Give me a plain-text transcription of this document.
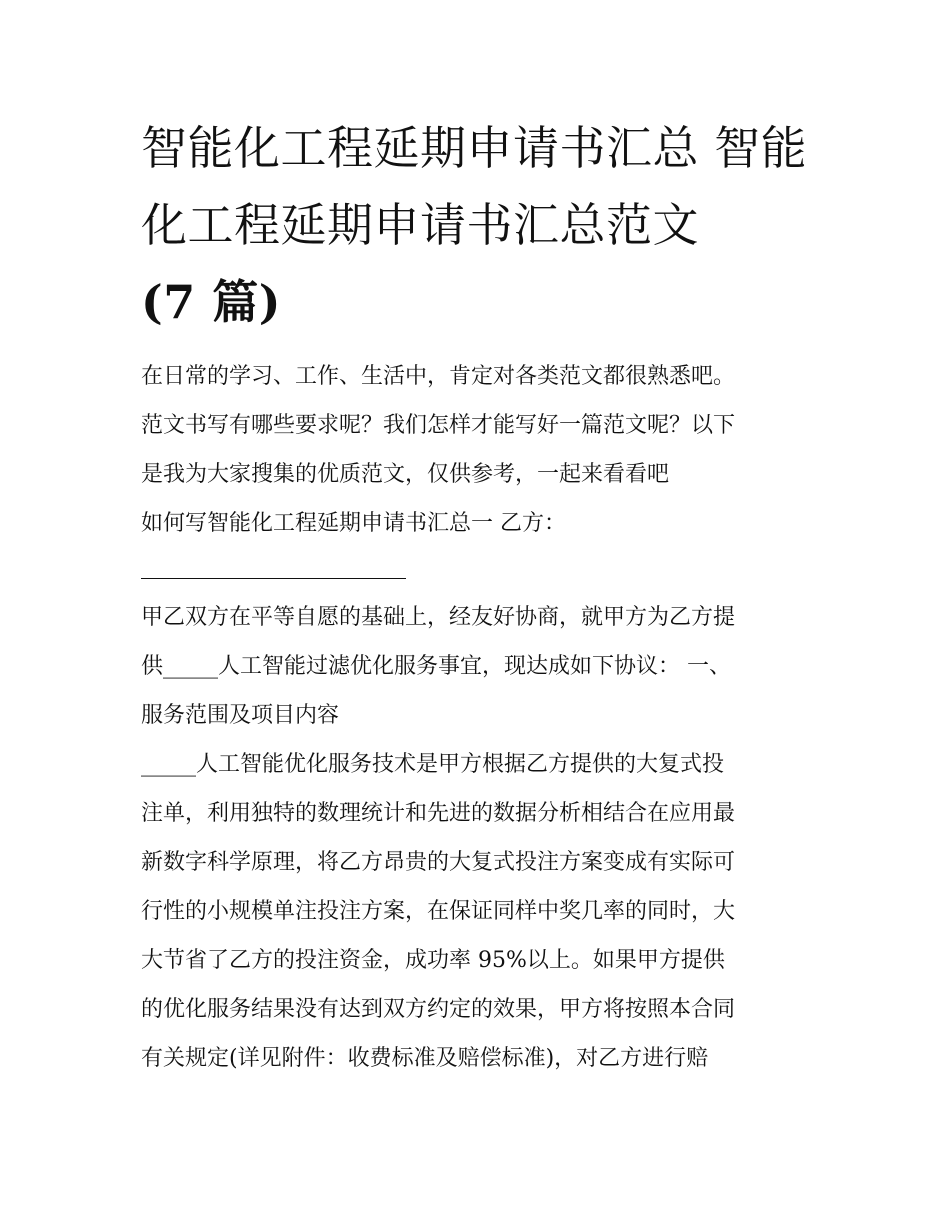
智能化工程延期申请书汇总 智能化工程延期申请书汇总范文
(7 篇)

在日常的学习、工作、生活中，肯定对各类范文都很熟悉吧。

范文书写有哪些要求呢？我们怎样才能写好一篇范文呢？以下

是我为大家搜集的优质范文，仅供参考，一起来看看吧

如何写智能化工程延期申请书汇总一 乙方：

甲乙双方在平等自愿的基础上，经友好协商，就甲方为乙方提

供_____人工智能过滤优化服务事宜，现达成如下协议： 一、

服务范围及项目内容

_____人工智能优化服务技术是甲方根据乙方提供的大复式投

注单，利用独特的数理统计和先进的数据分析相结合在应用最

新数字科学原理，将乙方昂贵的大复式投注方案变成有实际可

行性的小规模单注投注方案，在保证同样中奖几率的同时，大

大节省了乙方的投注资金，成功率 95%以上。如果甲方提供

的优化服务结果没有达到双方约定的效果，甲方将按照本合同

有关规定(详见附件：收费标准及赔偿标准)，对乙方进行赔
